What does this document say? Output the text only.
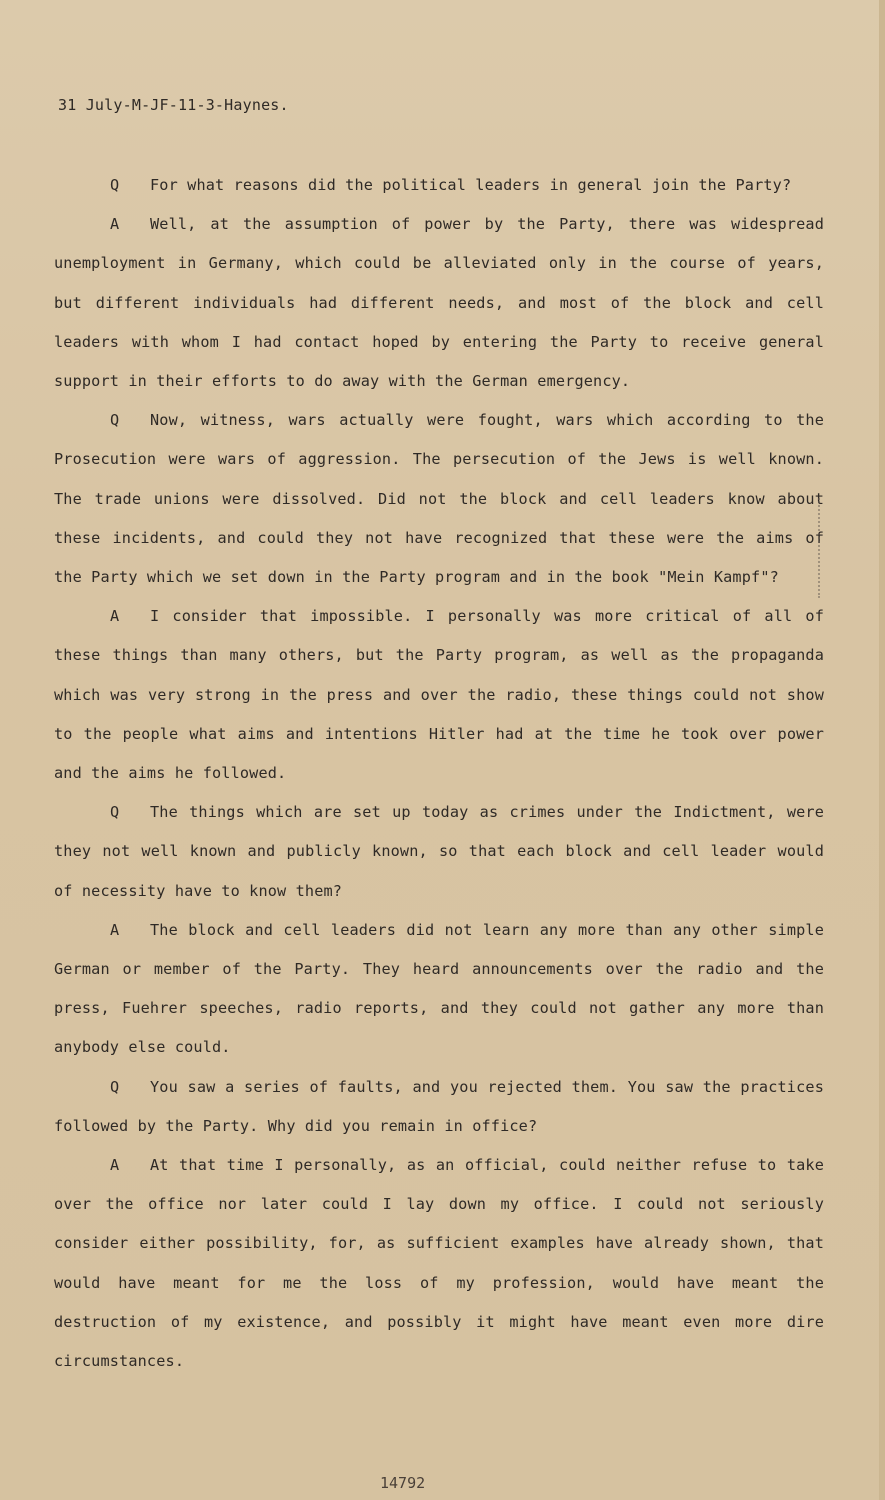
31 July-M-JF-11-3-Haynes.

Q For what reasons did the political leaders in general join the Party?

A Well, at the assumption of power by the Party, there was widespread unemployment in Germany, which could be alleviated only in the course of years, but different individuals had different needs, and most of the block and cell leaders with whom I had contact hoped by entering the Party to receive general support in their efforts to do away with the German emergency.

Q Now, witness, wars actually were fought, wars which according to the Prosecution were wars of aggression. The persecution of the Jews is well known. The trade unions were dissolved. Did not the block and cell leaders know about these incidents, and could they not have recognized that these were the aims of the Party which we set down in the Party program and in the book "Mein Kampf"?

A I consider that impossible. I personally was more critical of all of these things than many others, but the Party program, as well as the propaganda which was very strong in the press and over the radio, these things could not show to the people what aims and intentions Hitler had at the time he took over power and the aims he followed.

Q The things which are set up today as crimes under the Indictment, were they not well known and publicly known, so that each block and cell leader would of necessity have to know them?

A The block and cell leaders did not learn any more than any other simple German or member of the Party. They heard announcements over the radio and the press, Fuehrer speeches, radio reports, and they could not gather any more than anybody else could.

Q You saw a series of faults, and you rejected them. You saw the practices followed by the Party. Why did you remain in office?

A At that time I personally, as an official, could neither refuse to take over the office nor later could I lay down my office. I could not seriously consider either possibility, for, as sufficient examples have already shown, that would have meant for me the loss of my profession, would have meant the destruction of my existence, and possibly it might have meant even more dire circumstances.

14792
